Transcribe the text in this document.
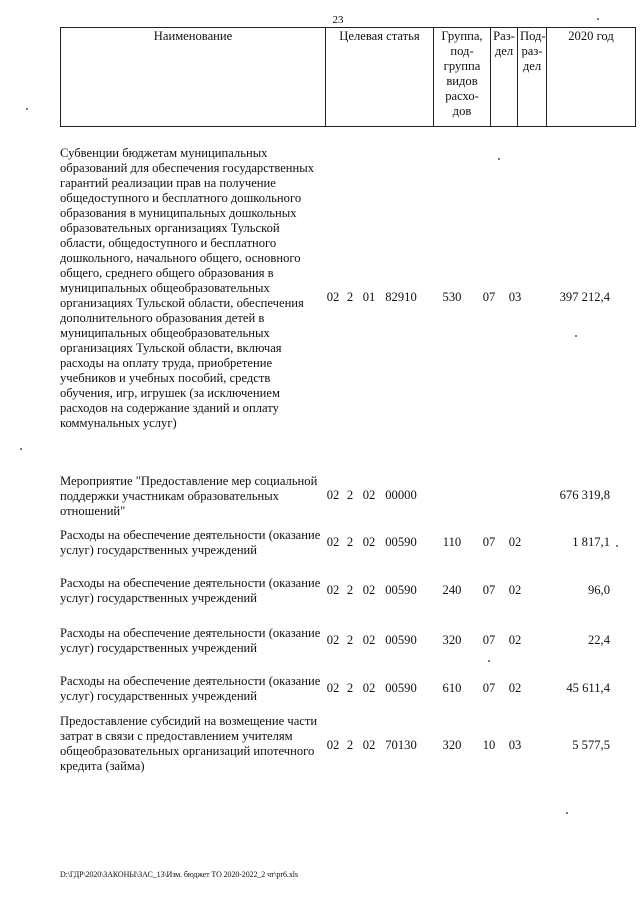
23
Наименование	Целевая статья	Группа,
под-
группа
видов
расхо-
дов	Раз-
дел	Под-
раз-
дел	2020 год
Субвенции бюджетам муниципальных образований для обеспечения государственных гарантий реализации прав на получение общедоступного и бесплатного дошкольного образования в муниципальных дошкольных образовательных организациях Тульской области, общедоступного и бесплатного дошкольного, начального общего, основного общего, среднего общего образования в муниципальных общеобразовательных организациях Тульской области, обеспечения дополнительного образования детей в муниципальных общеобразовательных организациях Тульской области, включая расходы на оплату труда, приобретение учебников и учебных пособий, средств обучения, игр, игрушек (за исключением расходов на содержание зданий и оплату коммунальных услуг)
02 2 01 82910	530	07	03	397 212,4
Мероприятие "Предоставление мер социальной поддержки участникам образовательных отношений"
02 2 02 00000	676 319,8
Расходы на обеспечение деятельности (оказание услуг) государственных учреждений
02 2 02 00590	110	07	02	1 817,1
Расходы на обеспечение деятельности (оказание услуг) государственных учреждений
02 2 02 00590	240	07	02	96,0
Расходы на обеспечение деятельности (оказание услуг) государственных учреждений
02 2 02 00590	320	07	02	22,4
Расходы на обеспечение деятельности (оказание услуг) государственных учреждений
02 2 02 00590	610	07	02	45 611,4
Предоставление субсидий на возмещение части затрат в связи с предоставлением учителям общеобразовательных организаций ипотечного кредита (займа)
02 2 02 70130	320	10	03	5 577,5
D:\ГДР\2020\ЗАКОНЫ\ЗАС_13\Изм. бюджет ТО 2020-2022_2 чт\pr6.xls
